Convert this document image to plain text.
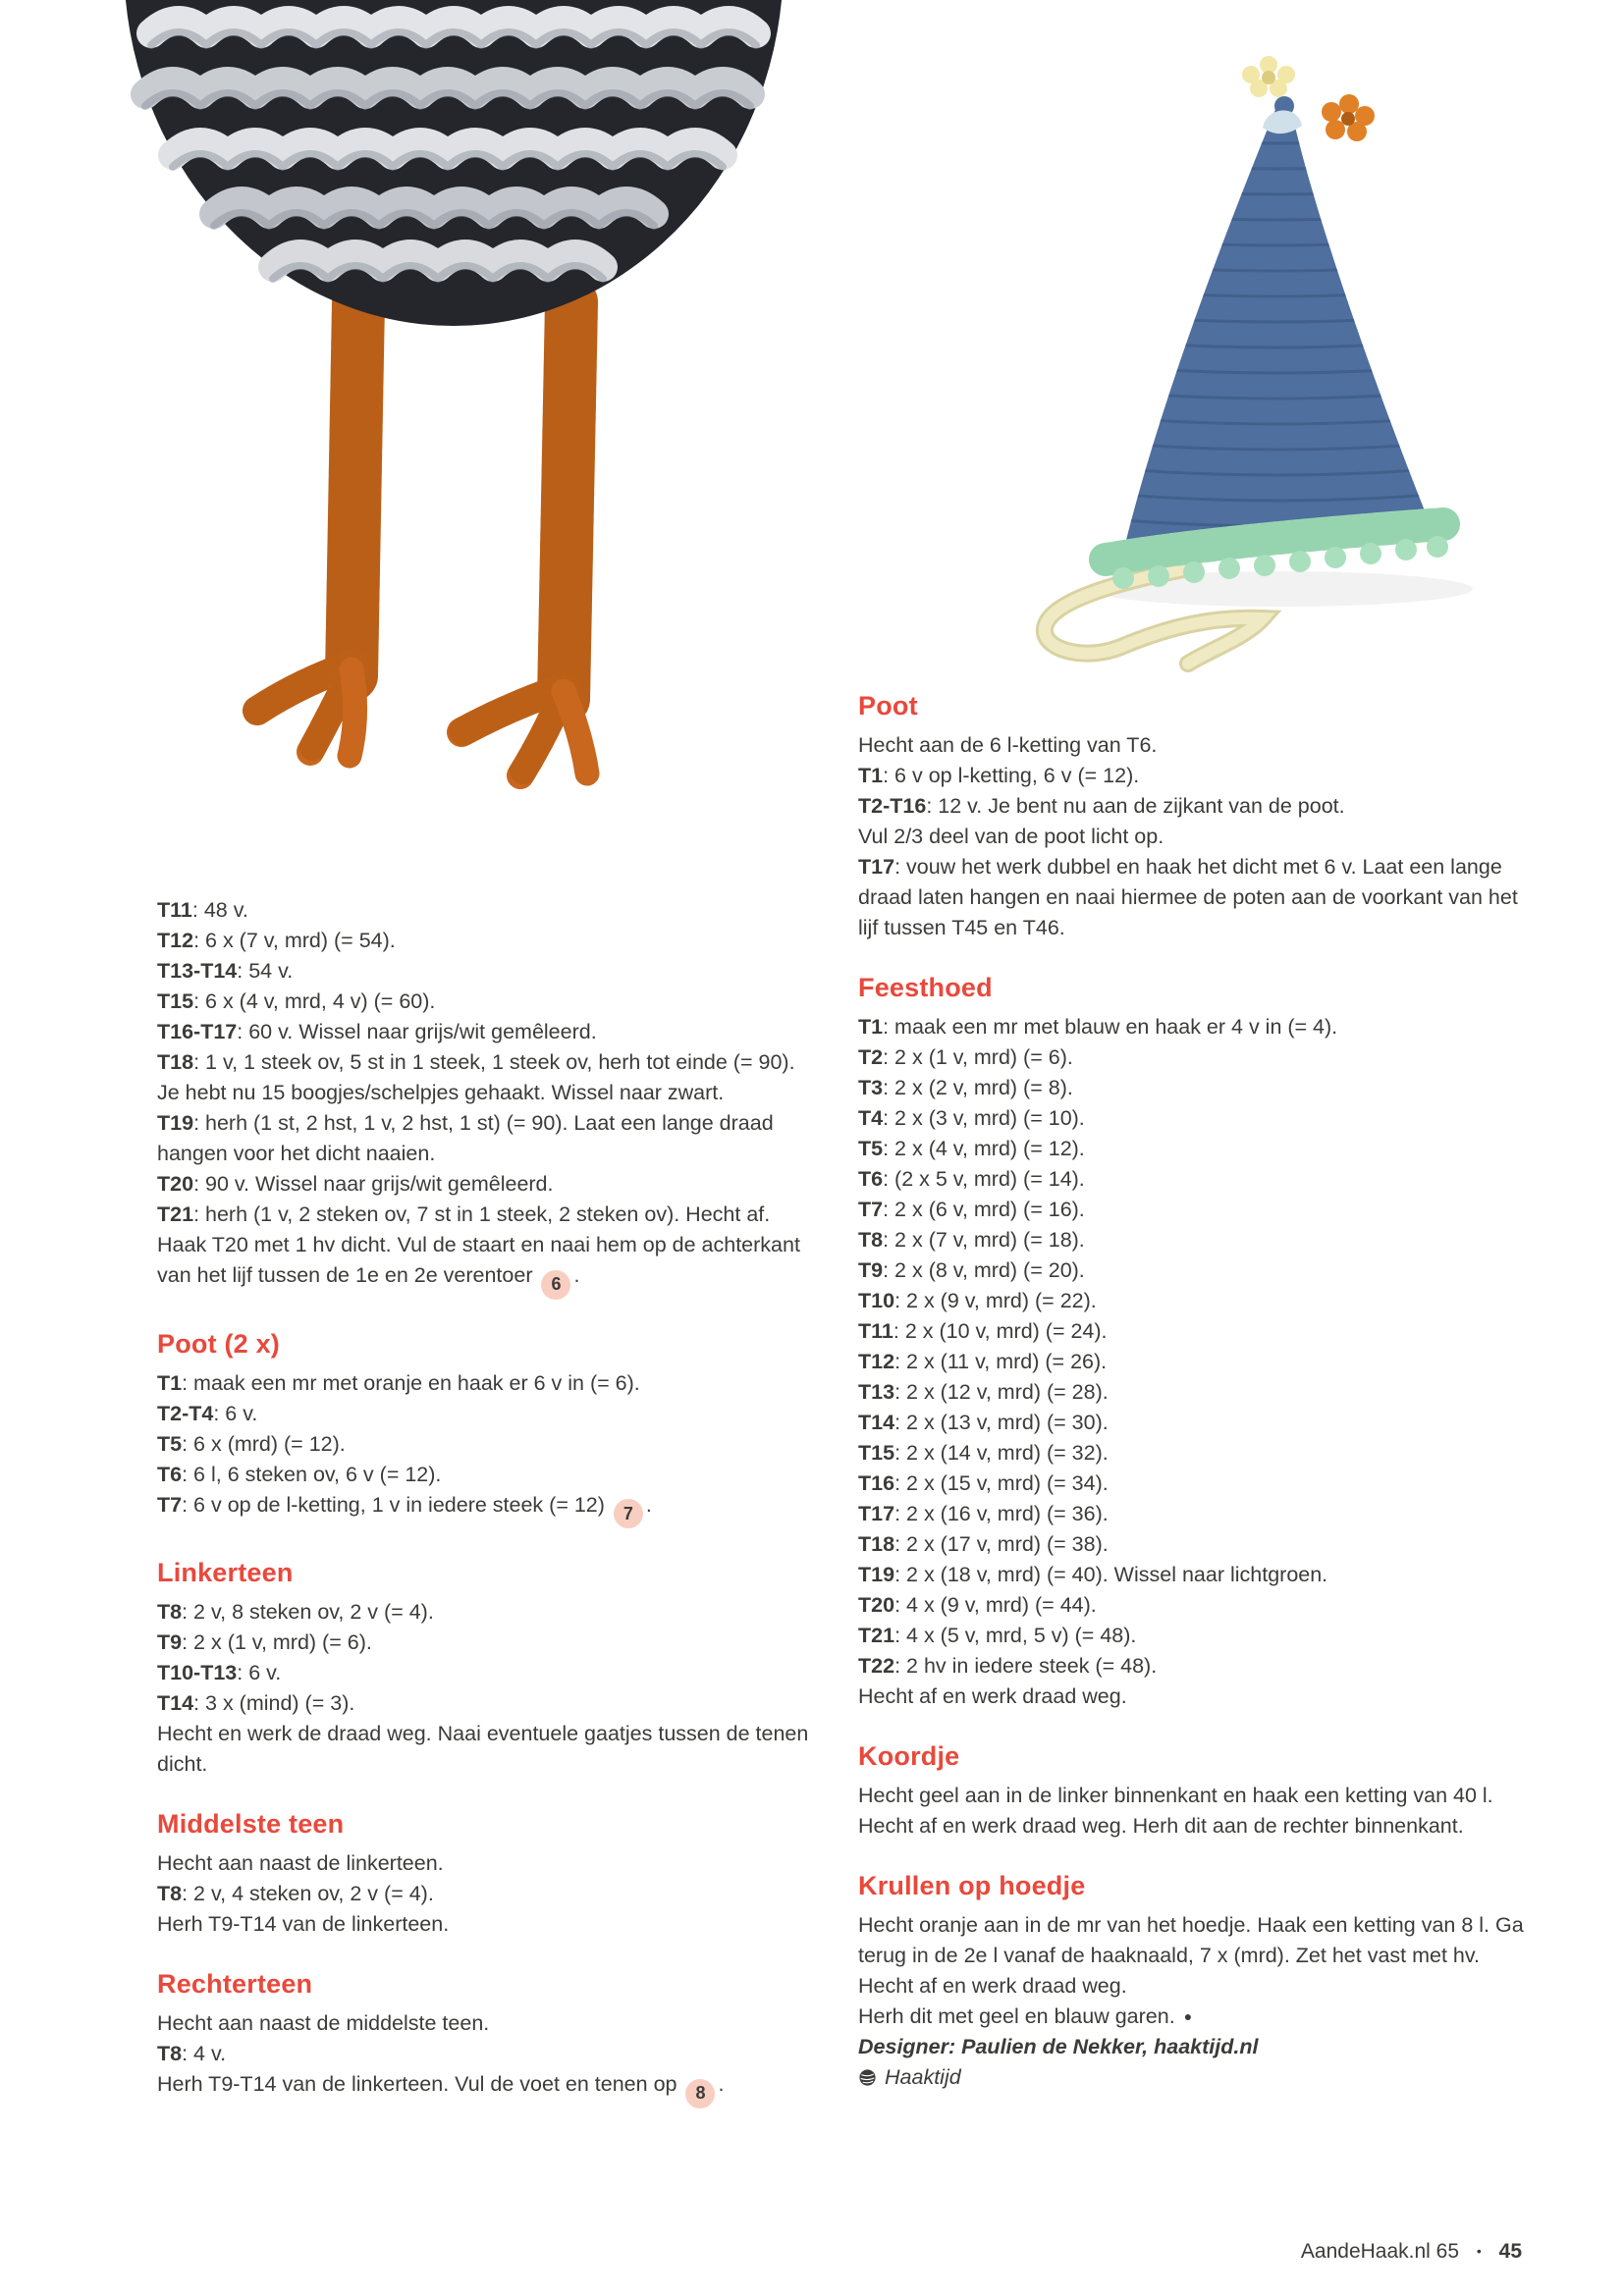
T11: 48 v.

T12: 6 x (7 v, mrd) (= 54).

T13-T14: 54 v.

T15: 6 x (4 v, mrd, 4 v) (= 60).

T16-T17: 60 v. Wissel naar grijs/wit gemêleerd.

T18: 1 v, 1 steek ov, 5 st in 1 steek, 1 steek ov, herh tot einde (= 90). Je hebt nu 15 boogjes/schelpjes gehaakt. Wissel naar zwart.

T19: herh (1 st, 2 hst, 1 v, 2 hst, 1 st) (= 90). Laat een lange draad hangen voor het dicht naaien.

T20: 90 v. Wissel naar grijs/wit gemêleerd.

T21: herh (1 v, 2 steken ov, 7 st in 1 steek, 2 steken ov). Hecht af.

Haak T20 met 1 hv dicht. Vul de staart en naai hem op de achterkant van het lijf tussen de 1e en 2e verentoer 6 .

Poot (2 x)

T1: maak een mr met oranje en haak er 6 v in (= 6).

T2-T4: 6 v.

T5: 6 x (mrd) (= 12).

T6: 6 l, 6 steken ov, 6 v (= 12).

T7: 6 v op de l-ketting, 1 v in iedere steek (= 12) 7 .

Linkerteen

T8: 2 v, 8 steken ov, 2 v (= 4).

T9: 2 x (1 v, mrd) (= 6).

T10-T13: 6 v.

T14: 3 x (mind) (= 3).

Hecht en werk de draad weg. Naai eventuele gaatjes tussen de tenen dicht.

Middelste teen

Hecht aan naast de linkerteen.

T8: 2 v, 4 steken ov, 2 v (= 4).

Herh T9-T14 van de linkerteen.

Rechterteen

Hecht aan naast de middelste teen.

T8: 4 v.

Herh T9-T14 van de linkerteen. Vul de voet en tenen op 8 .

Poot

Hecht aan de 6 l-ketting van T6.

T1: 6 v op l-ketting, 6 v (= 12).

T2-T16: 12 v. Je bent nu aan de zijkant van de poot.

Vul 2/3 deel van de poot licht op.

T17: vouw het werk dubbel en haak het dicht met 6 v. Laat een lange draad laten hangen en naai hiermee de poten aan de voorkant van het lijf tussen T45 en T46.

Feesthoed

T1: maak een mr met blauw en haak er 4 v in (= 4).

T2: 2 x (1 v, mrd) (= 6).

T3: 2 x (2 v, mrd) (= 8).

T4: 2 x (3 v, mrd) (= 10).

T5: 2 x (4 v, mrd) (= 12).

T6: (2 x 5 v, mrd) (= 14).

T7: 2 x (6 v, mrd) (= 16).

T8: 2 x (7 v, mrd) (= 18).

T9: 2 x (8 v, mrd) (= 20).

T10: 2 x (9 v, mrd) (= 22).

T11: 2 x (10 v, mrd) (= 24).

T12: 2 x (11 v, mrd) (= 26).

T13: 2 x (12 v, mrd) (= 28).

T14: 2 x (13 v, mrd) (= 30).

T15: 2 x (14 v, mrd) (= 32).

T16: 2 x (15 v, mrd) (= 34).

T17: 2 x (16 v, mrd) (= 36).

T18: 2 x (17 v, mrd) (= 38).

T19: 2 x (18 v, mrd) (= 40). Wissel naar lichtgroen.

T20: 4 x (9 v, mrd) (= 44).

T21: 4 x (5 v, mrd, 5 v) (= 48).

T22: 2 hv in iedere steek (= 48).

Hecht af en werk draad weg.

Koordje

Hecht geel aan in de linker binnenkant en haak een ketting van 40 l. Hecht af en werk draad weg. Herh dit aan de rechter binnenkant.

Krullen op hoedje

Hecht oranje aan in de mr van het hoedje. Haak een ketting van 8 l. Ga terug in de 2e l vanaf de haaknaald, 7 x (mrd). Zet het vast met hv. Hecht af en werk draad weg.

Herh dit met geel en blauw garen. ●

Designer: Paulien de Nekker, haaktijd.nl

Haaktijd

AandeHaak.nl 65 • 45
